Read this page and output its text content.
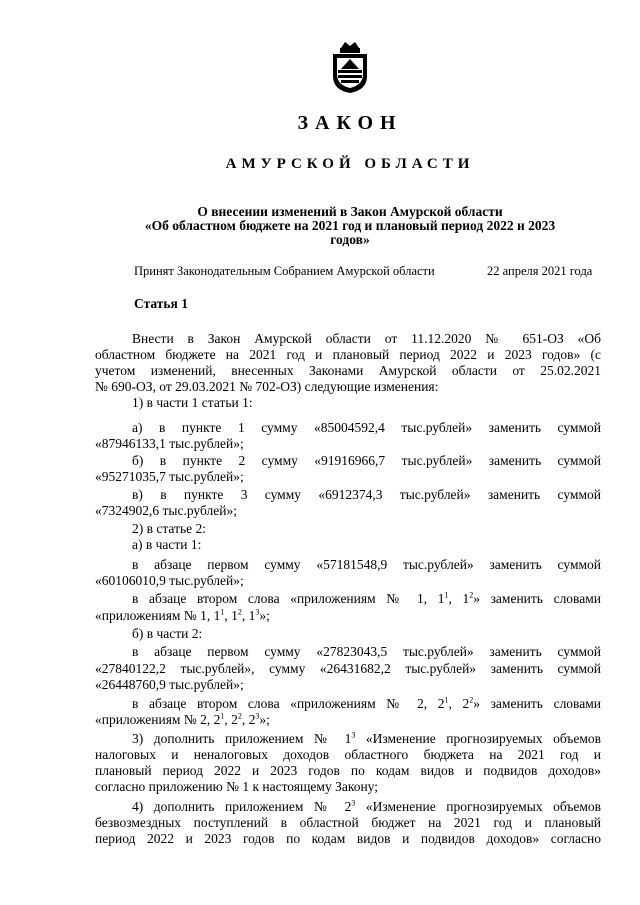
ЗАКОН
АМУРСКОЙ ОБЛАСТИ
О внесении изменений в Закон Амурской области
«Об областном бюджете на 2021 год и плановый период 2022 и 2023
годов»
Принят Законодательным Собранием Амурской области	22 апреля 2021 года
Статья 1
Внести в Закон Амурской области от 11.12.2020 № 651-ОЗ «Об
областном бюджете на 2021 год и плановый период 2022 и 2023 годов» (с
учетом изменений, внесенных Законами Амурской области от 25.02.2021
№ 690-ОЗ, от 29.03.2021 № 702-ОЗ) следующие изменения:
1) в части 1 статьи 1:
а) в пункте 1 сумму «85004592,4 тыс.рублей» заменить суммой
«87946133,1 тыс.рублей»;
б) в пункте 2 сумму «91916966,7 тыс.рублей» заменить суммой
«95271035,7 тыс.рублей»;
в) в пункте 3 сумму «6912374,3 тыс.рублей» заменить суммой
«7324902,6 тыс.рублей»;
2) в статье 2:
а) в части 1:
в абзаце первом сумму «57181548,9 тыс.рублей» заменить суммой
«60106010,9 тыс.рублей»;
в абзаце втором слова «приложениям № 1, $1^1$, $1^2$» заменить словами
«приложениям № 1, $1^1$, $1^2$, $1^3$»;
б) в части 2:
в абзаце первом сумму «27823043,5 тыс.рублей» заменить суммой
«27840122,2 тыс.рублей», сумму «26431682,2 тыс.рублей» заменить суммой
«26448760,9 тыс.рублей»;
в абзаце втором слова «приложениям № 2, $2^1$, $2^2$» заменить словами
«приложениям № 2, $2^1$, $2^2$, $2^3$»;
3) дополнить приложением № $1^3$ «Изменение прогнозируемых объемов
налоговых и неналоговых доходов областного бюджета на 2021 год и
плановый период 2022 и 2023 годов по кодам видов и подвидов доходов»
согласно приложению № 1 к настоящему Закону;
4) дополнить приложением № $2^3$ «Изменение прогнозируемых объемов
безвозмездных поступлений в областной бюджет на 2021 год и плановый
период 2022 и 2023 годов по кодам видов и подвидов доходов» согласно
